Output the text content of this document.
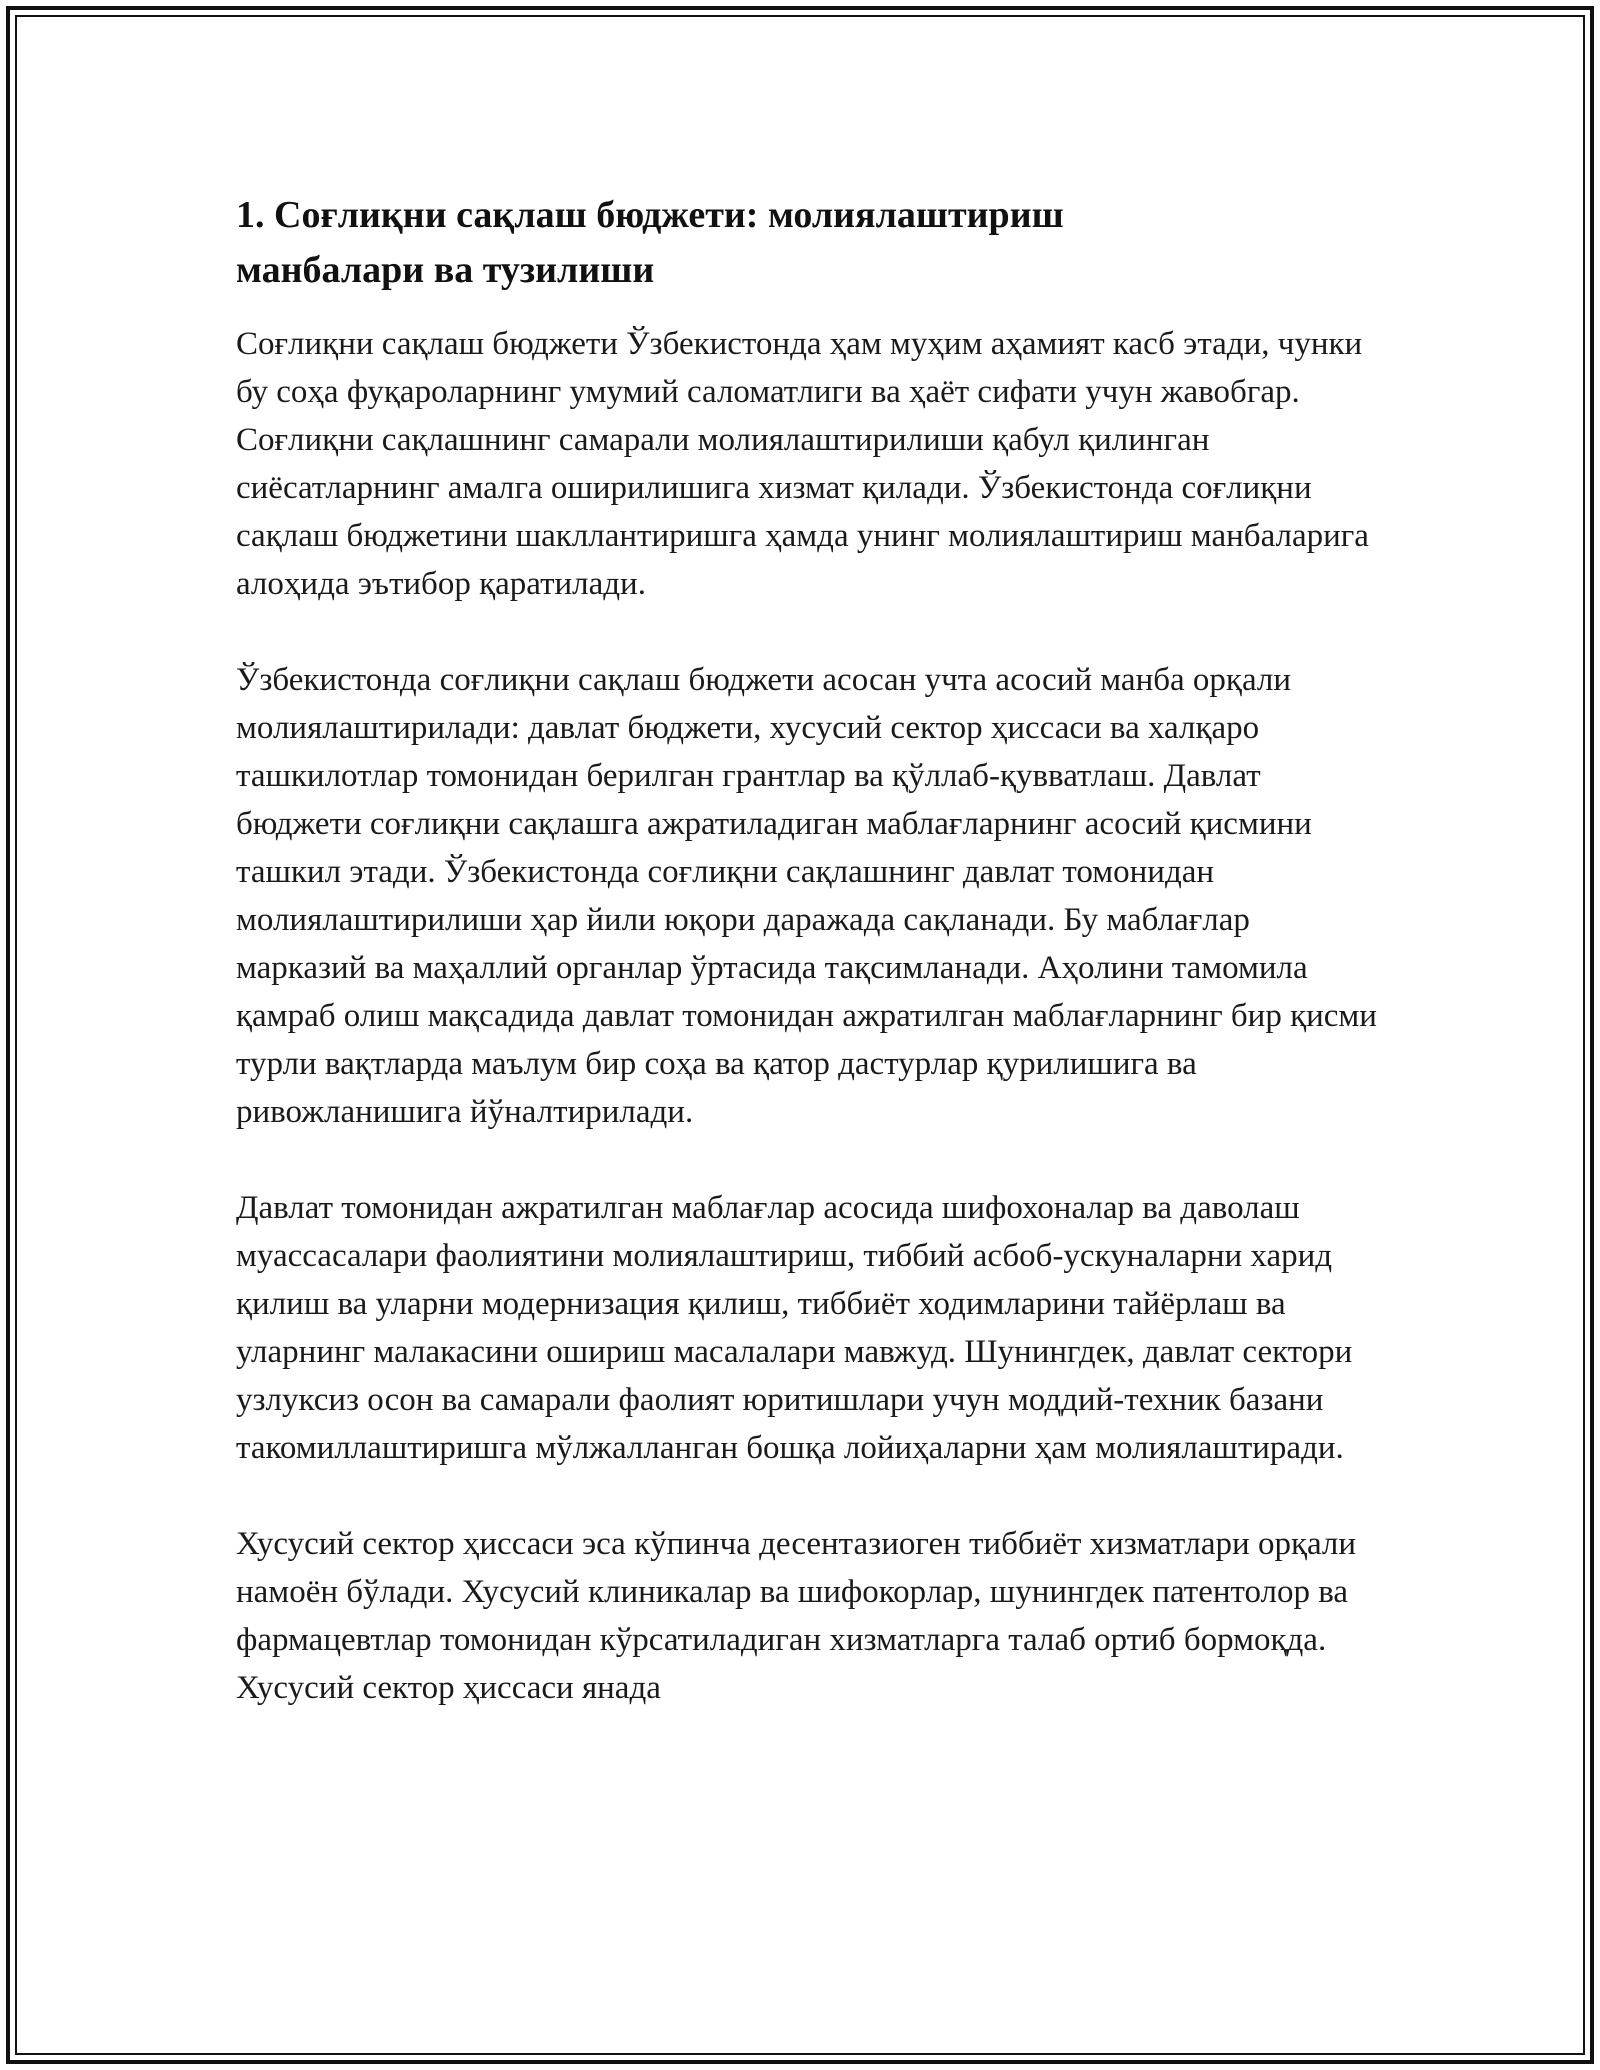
1. Соғлиқни сақлаш бюджети: молиялаштириш манбалари ва тузилиши

Соғлиқни сақлаш бюджети Ўзбекистонда ҳам муҳим аҳамият касб этади, чунки бу соҳа фуқароларнинг умумий саломатлиги ва ҳаёт сифати учун жавобгар. Соғлиқни сақлашнинг самарали молиялаштирилиши қабул қилинган сиёсатларнинг амалга оширилишига хизмат қилади. Ўзбекистонда соғлиқни сақлаш бюджетини шакллантиришга ҳамда унинг молиялаштириш манбаларига алоҳида эътибор қаратилади.

Ўзбекистонда соғлиқни сақлаш бюджети асосан учта асосий манба орқали молиялаштирилади: давлат бюджети, хусусий сектор ҳиссаси ва халқаро ташкилотлар томонидан берилган грантлар ва қўллаб-қувватлаш. Давлат бюджети соғлиқни сақлашга ажратиладиган маблағларнинг асосий қисмини ташкил этади. Ўзбекистонда соғлиқни сақлашнинг давлат томонидан молиялаштирилиши ҳар йили юқори даражада сақланади. Бу маблағлар марказий ва маҳаллий органлар ўртасида тақсимланади. Аҳолини тамомила қамраб олиш мақсадида давлат томонидан ажратилган маблағларнинг бир қисми турли вақтларда маълум бир соҳа ва қатор дастурлар қурилишига ва ривожланишига йўналтирилади.

Давлат томонидан ажратилган маблағлар асосида шифохоналар ва даволаш муассасалари фаолиятини молиялаштириш, тиббий асбоб-ускуналарни харид қилиш ва уларни модернизация қилиш, тиббиёт ходимларини тайёрлаш ва уларнинг малакасини ошириш масалалари мавжуд. Шунингдек, давлат сектори узлуксиз осон ва самарали фаолият юритишлари учун моддий-техник базани такомиллаштиришга мўлжалланган бошқа лойиҳаларни ҳам молиялаштиради.

Хусусий сектор ҳиссаси эса кўпинча десентазиоген тиббиёт хизматлари орқали намоён бўлади. Хусусий клиникалар ва шифокорлар, шунингдек патентолор ва фармацевтлар томонидан кўрсатиладиган хизматларга талаб ортиб бормоқда. Хусусий сектор ҳиссаси янада
